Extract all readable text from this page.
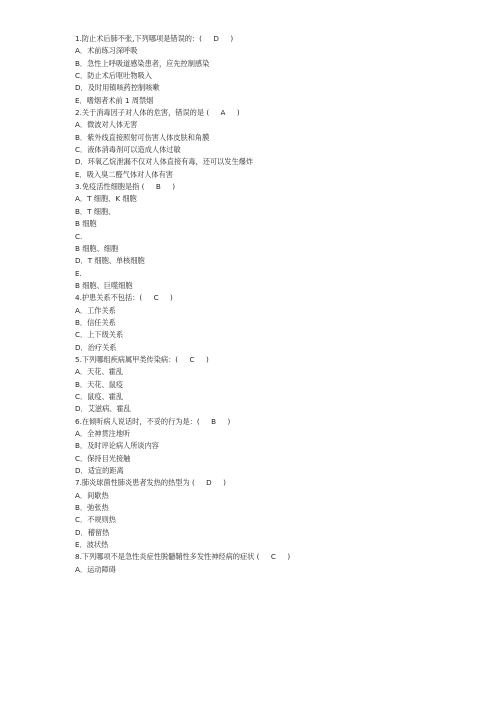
1.防止术后肺不张,下列哪项是错误的：(     D     )
A．术前练习深呼吸
B．急性上呼吸道感染患者，应先控制感染
C．防止术后呕吐物吸入
D．及时用镇咳药控制咳嗽
E．嗜烟者术前 1 周禁烟
2.关于消毒因子对人体的危害，错误的是 (     A     )
A．微波对人体无害
B．紫外线直接照射可伤害人体皮肤和角膜
C．液体消毒剂可以造成人体过敏
D．环氧乙烷泄漏不仅对人体直接有毒，还可以发生爆炸
E．吸入臭二醛气体对人体有害
3.免疫活性细胞是指 (     B     )
A．T 细胞、K 细胞
B．T 细胞、
B 细胞
C.
B 细胞、细胞
D．T 细胞、单核细胞
E.
B 细胞、巨噬细胞
4.护患关系不包括：(     C     )
A．工作关系
B．信任关系
C．上下级关系
D．治疗关系
5.下列哪组疾病属甲类传染病：(     C     )
A．天花、霍乱
B．天花、鼠疫
C．鼠疫、霍乱
D．艾滋病、霍乱
6.在倾听病人说话时，不妥的行为是：(     B     )
A．全神贯注地听
B．及时评论病人所谈内容
C．保持目光接触
D．适宜的距离
7.肺炎球菌性肺炎患者发热的热型为 (     D     )
A．间歇热
B．弛张热
C．不规则热
D．稽留热
E．波状热
8.下列哪项不是急性炎症性脱髓鞘性多发性神经病的症状 (     C     )
A．运动障碍
